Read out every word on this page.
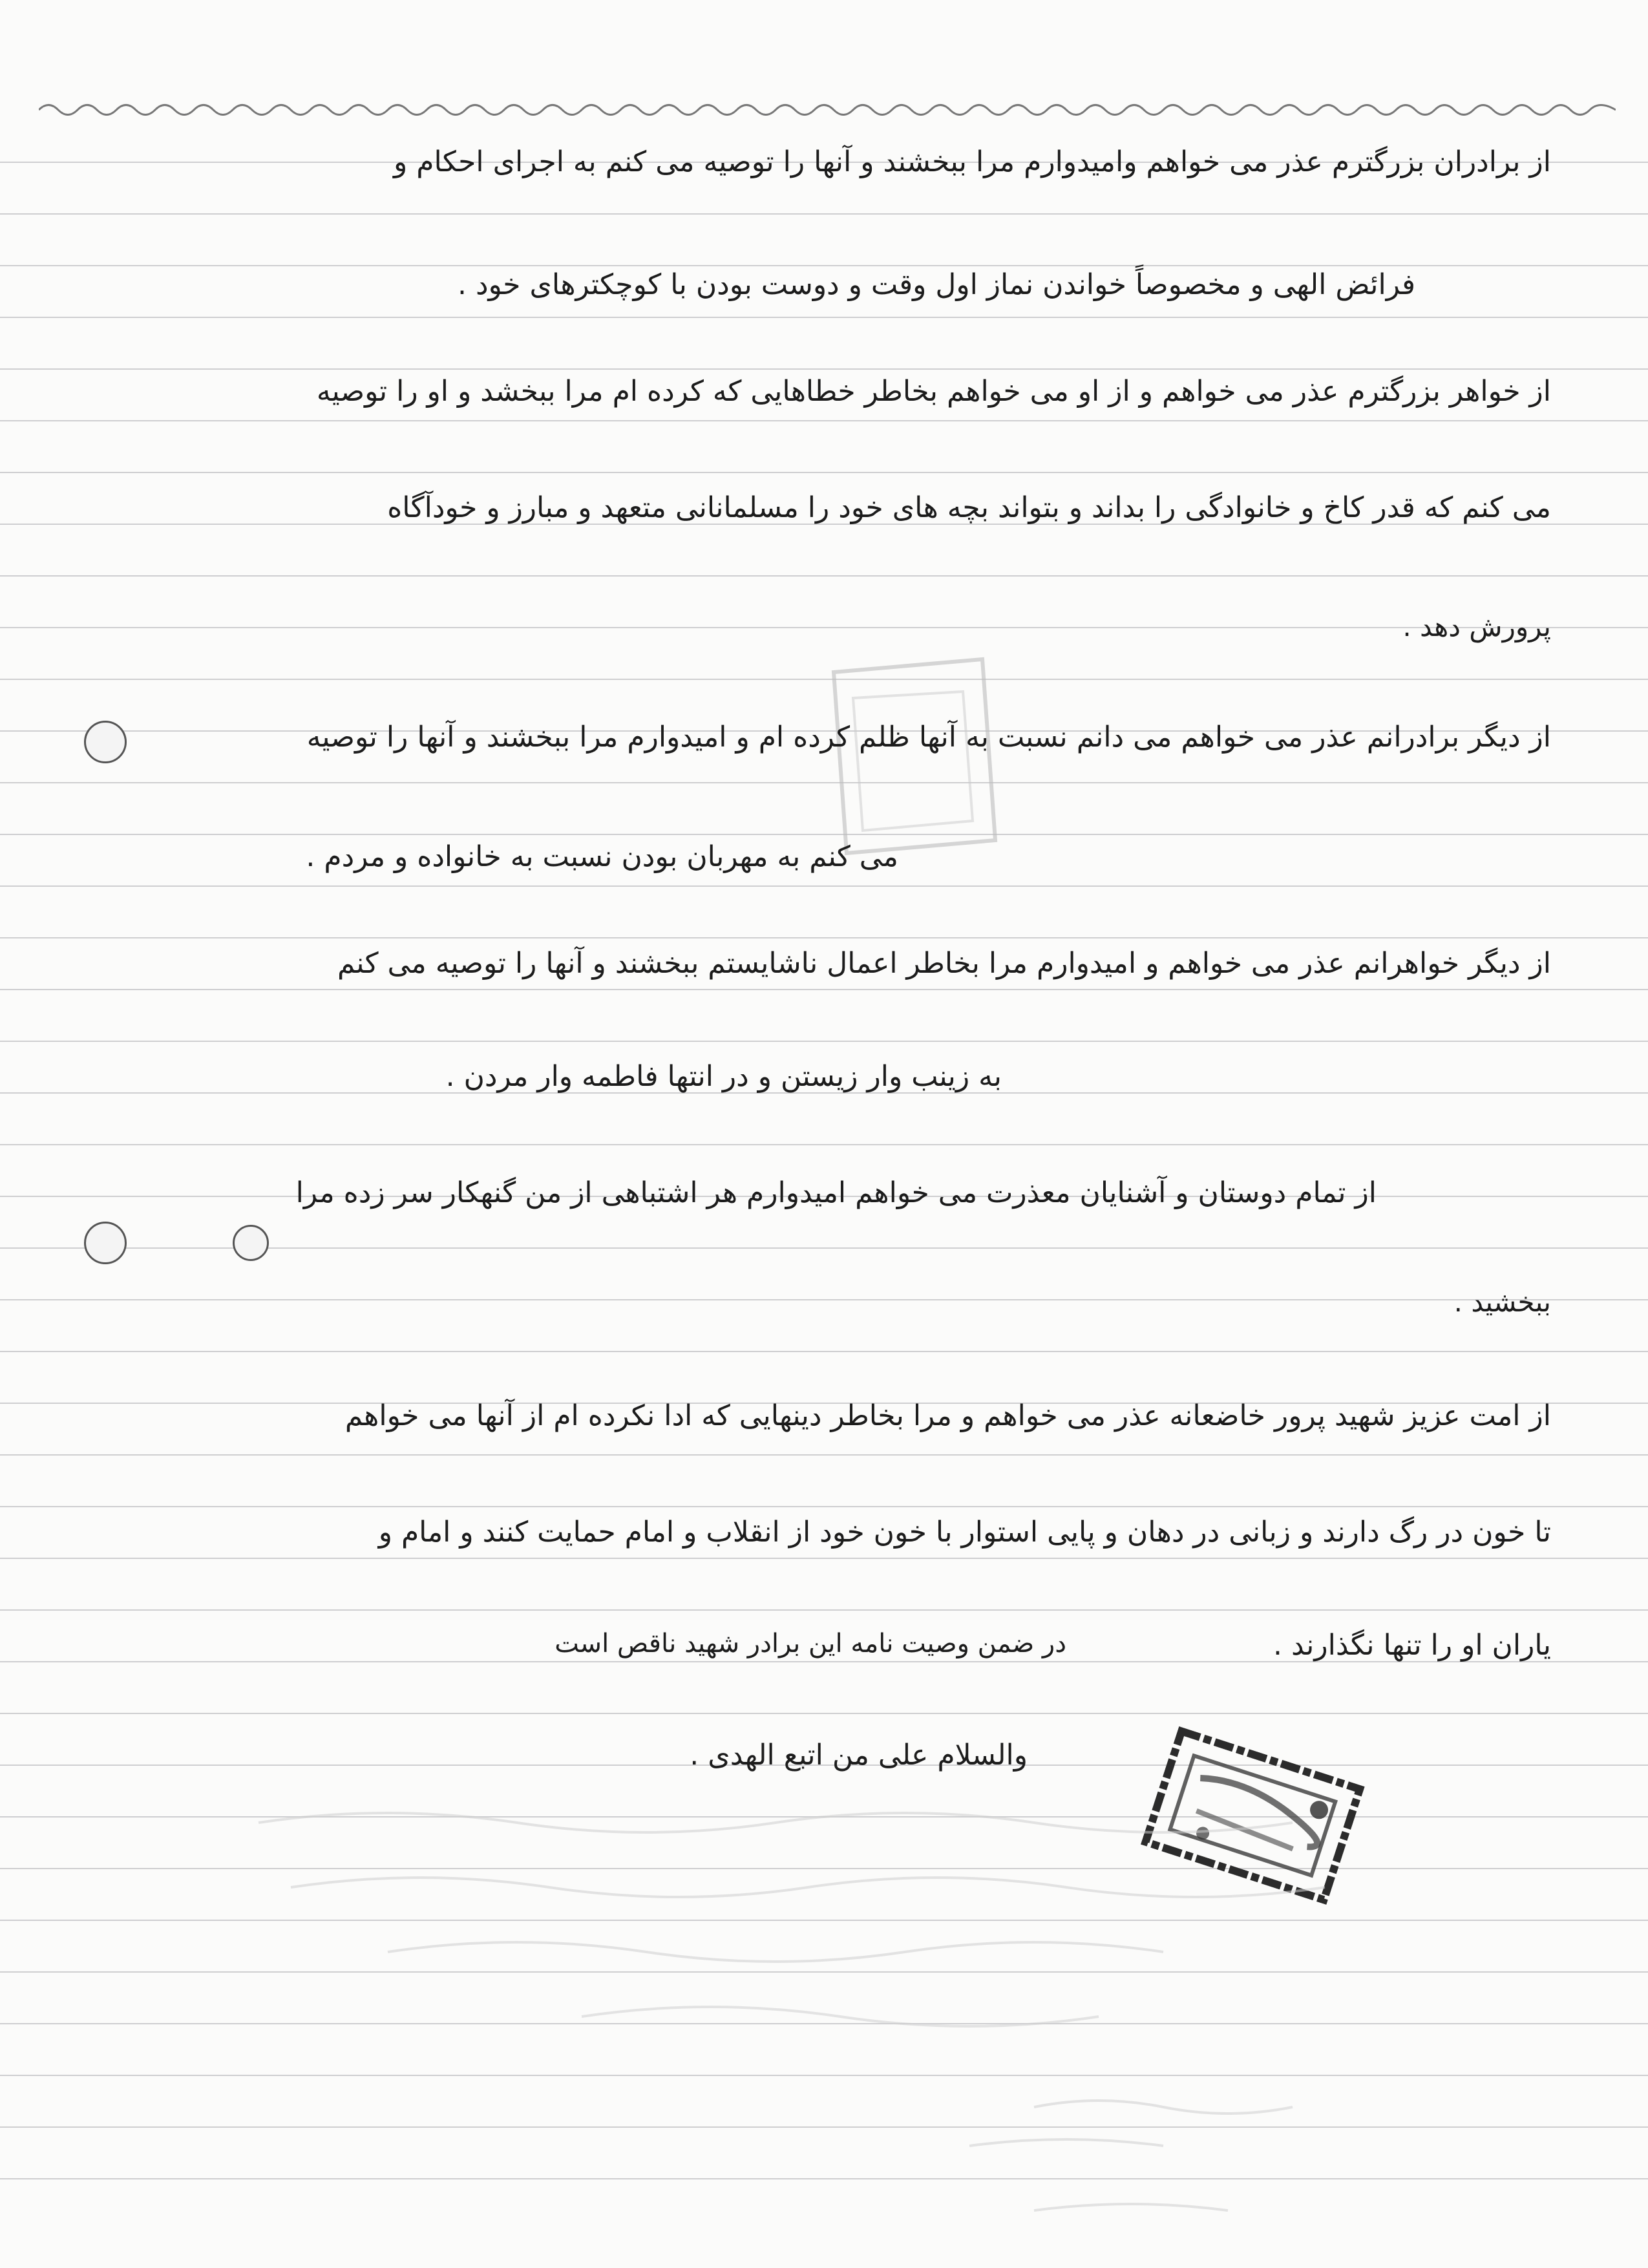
از برادران بزرگترم عذر می خواهم وامیدوارم مرا ببخشند و آنها را توصیه می کنم به اجرای احکام و
فرائض الهی و مخصوصاً خواندن نماز اول وقت و دوست بودن با کوچکترهای خود .
از خواهر بزرگترم عذر می خواهم و از او می خواهم بخاطر خطاهایی که کرده ام مرا ببخشد و او را توصیه
می کنم که قدر کاخ و خانوادگی را بداند و بتواند بچه های خود را مسلمانانی متعهد و مبارز و خودآگاه
پرورش دهد .
از دیگر برادرانم عذر می خواهم می دانم نسبت به آنها ظلم کرده ام و امیدوارم مرا ببخشند و آنها را توصیه
می کنم به مهربان بودن نسبت به خانواده و مردم .
از دیگر خواهرانم عذر می خواهم و امیدوارم مرا بخاطر اعمال ناشایستم ببخشند و آنها را توصیه می کنم
به زینب وار زیستن و در انتها فاطمه وار مردن .
از تمام دوستان و آشنایان معذرت می خواهم امیدوارم هر اشتباهی از من گنهکار سر زده مرا
ببخشید .
از امت عزیز شهید پرور خاضعانه عذر می خواهم و مرا بخاطر دینهایی که ادا نکرده ام از آنها می خواهم
تا خون در رگ دارند و زبانی در دهان و پایی استوار با خون خود از انقلاب و امام حمایت کنند و امام و
یاران او را تنها نگذارند .
در ضمن وصیت نامه این برادر شهید ناقص است
والسلام علی من اتبع الهدی .
